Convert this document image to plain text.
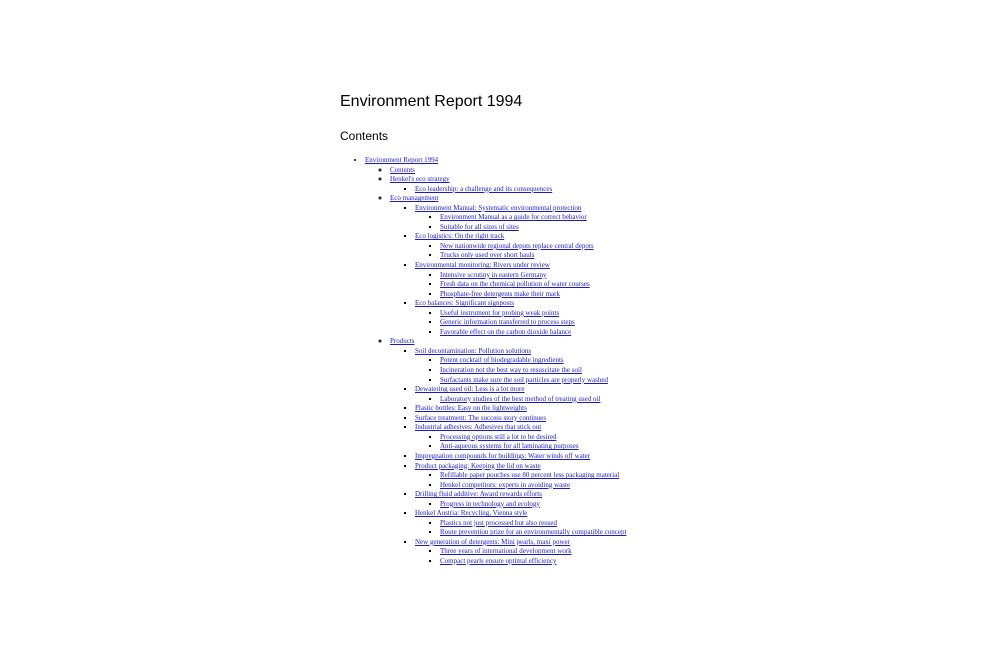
Environment Report 1994
Contents
• Environment Report 1994
◦ Contents
◦ Henkel's eco strategy
▪ Eco leadership: a challenge and its consequences
◦ Eco management
▪ Environment Manual: Systematic environmental protection
▪ Environment Manual as a guide for correct behavior
▪ Suitable for all sizes of sites
▪ Eco logistics: On the right track
▪ New nationwide regional depots replace central depots
▪ Trucks only used over short hauls
▪ Environmental monitoring: Rivers under review
▪ Intensive scrutiny in eastern Germany
▪ Fresh data on the chemical pollution of water courses
▪ Phosphate-free detergents make their mark
▪ Eco balances: Significant signposts
▪ Useful instrument for probing weak points
▪ Generic information transferred to process steps
▪ Favorable effect on the carbon dioxide balance
◦ Products
▪ Soil decontamination: Pollution solutions
▪ Potent cocktail of biodegradable ingredients
▪ Incineration not the best way to resuscitate the soil
▪ Surfactants make sure the soil particles are properly washed
▪ Dewatering used oil: Less is a lot more
▪ Laboratory studies of the best method of treating used oil
▪ Plastic bottles: Easy on the lightweights
▪ Surface treatment: The success story continues
▪ Industrial adhesives: Adhesives that stick out
▪ Processing options still a lot to be desired
▪ Anti-aqueous systems for all laminating purposes
▪ Impregnation compounds for buildings: Water winds off water
▪ Product packaging: Keeping the lid on waste
▪ Refillable paper pouches use 80 percent less packaging material
▪ Henkel competitors: experts in avoiding waste
▪ Drilling fluid additive: Award rewards efforts
▪ Progress in technology and ecology
▪ Henkel Austria: Recycling, Vienna style
▪ Plastics not just processed but also reused
▪ Route prevention prize for an environmentally compatible concept
▪ New generation of detergents: Mini pearls, maxi power
▪ Three years of international development work
▪ Compact pearls ensure optimal efficiency
